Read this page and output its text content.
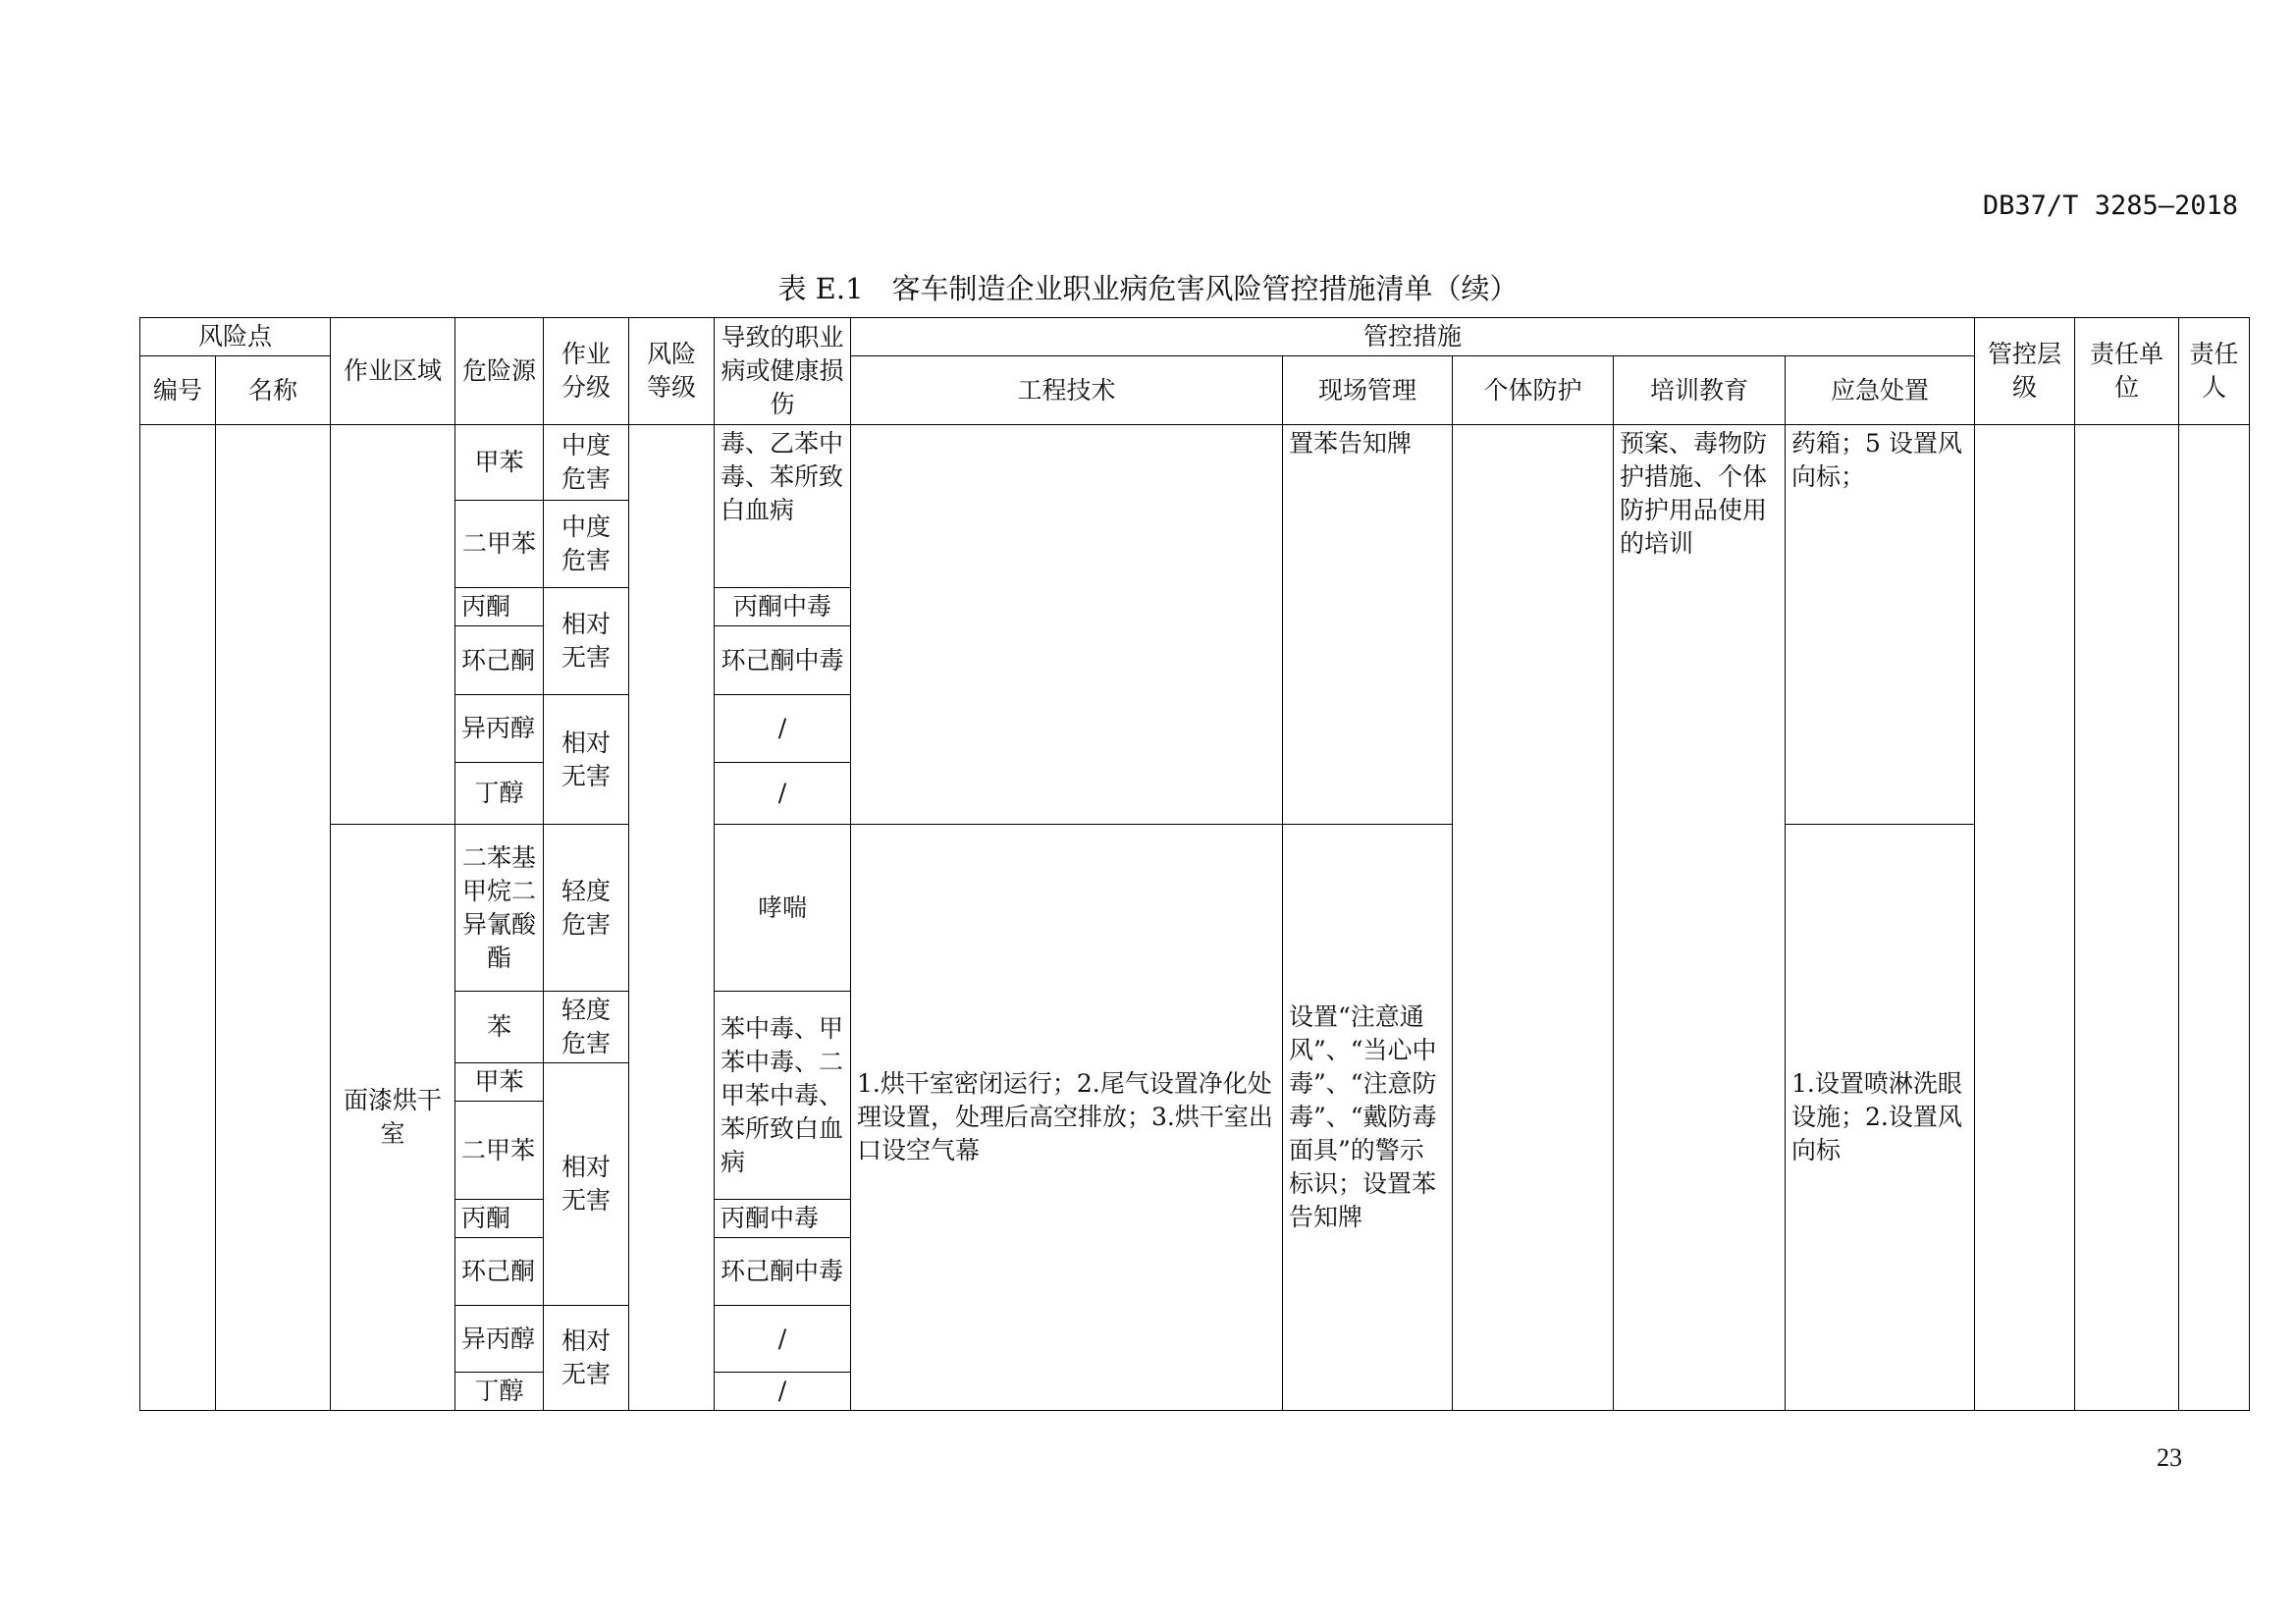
DB37/T 3285—2018
表 E.1　客车制造企业职业病危害风险管控措施清单（续）
风险点		作业区域	危险源	作业分级	风险等级	导致的职业病或健康损伤	管控措施					管控层级	责任单位	责任人
编号	名称						工程技术	现场管理	个体防护	培训教育	应急处置			
			甲苯	中度危害		毒、乙苯中毒、苯所致白血病		置苯告知牌		预案、毒物防护措施、个体防护用品使用的培训	药箱；5 设置风向标；			
			二甲苯	中度危害										
			丙酮	相对无害		丙酮中毒								
			环己酮			环己酮中毒								
			异丙醇	相对无害		/								
			丁醇			/								
		面漆烘干室	二苯基甲烷二异氰酸酯	轻度危害		哮喘	1.烘干室密闭运行；2.尾气设置净化处理设置，处理后高空排放；3.烘干室出口设空气幕	设置“注意通风”、“当心中毒”、“注意防毒”、“戴防毒面具”的警示标识；设置苯告知牌			1.设置喷淋洗眼设施；2.设置风向标			
			苯	轻度危害		苯中毒、甲苯中毒、二甲苯中毒、苯所致白血病								
			甲苯	相对无害										
			二甲苯											
			丙酮			丙酮中毒								
			环己酮			环己酮中毒								
			异丙醇	相对无害		/								
			丁醇			/								
23
